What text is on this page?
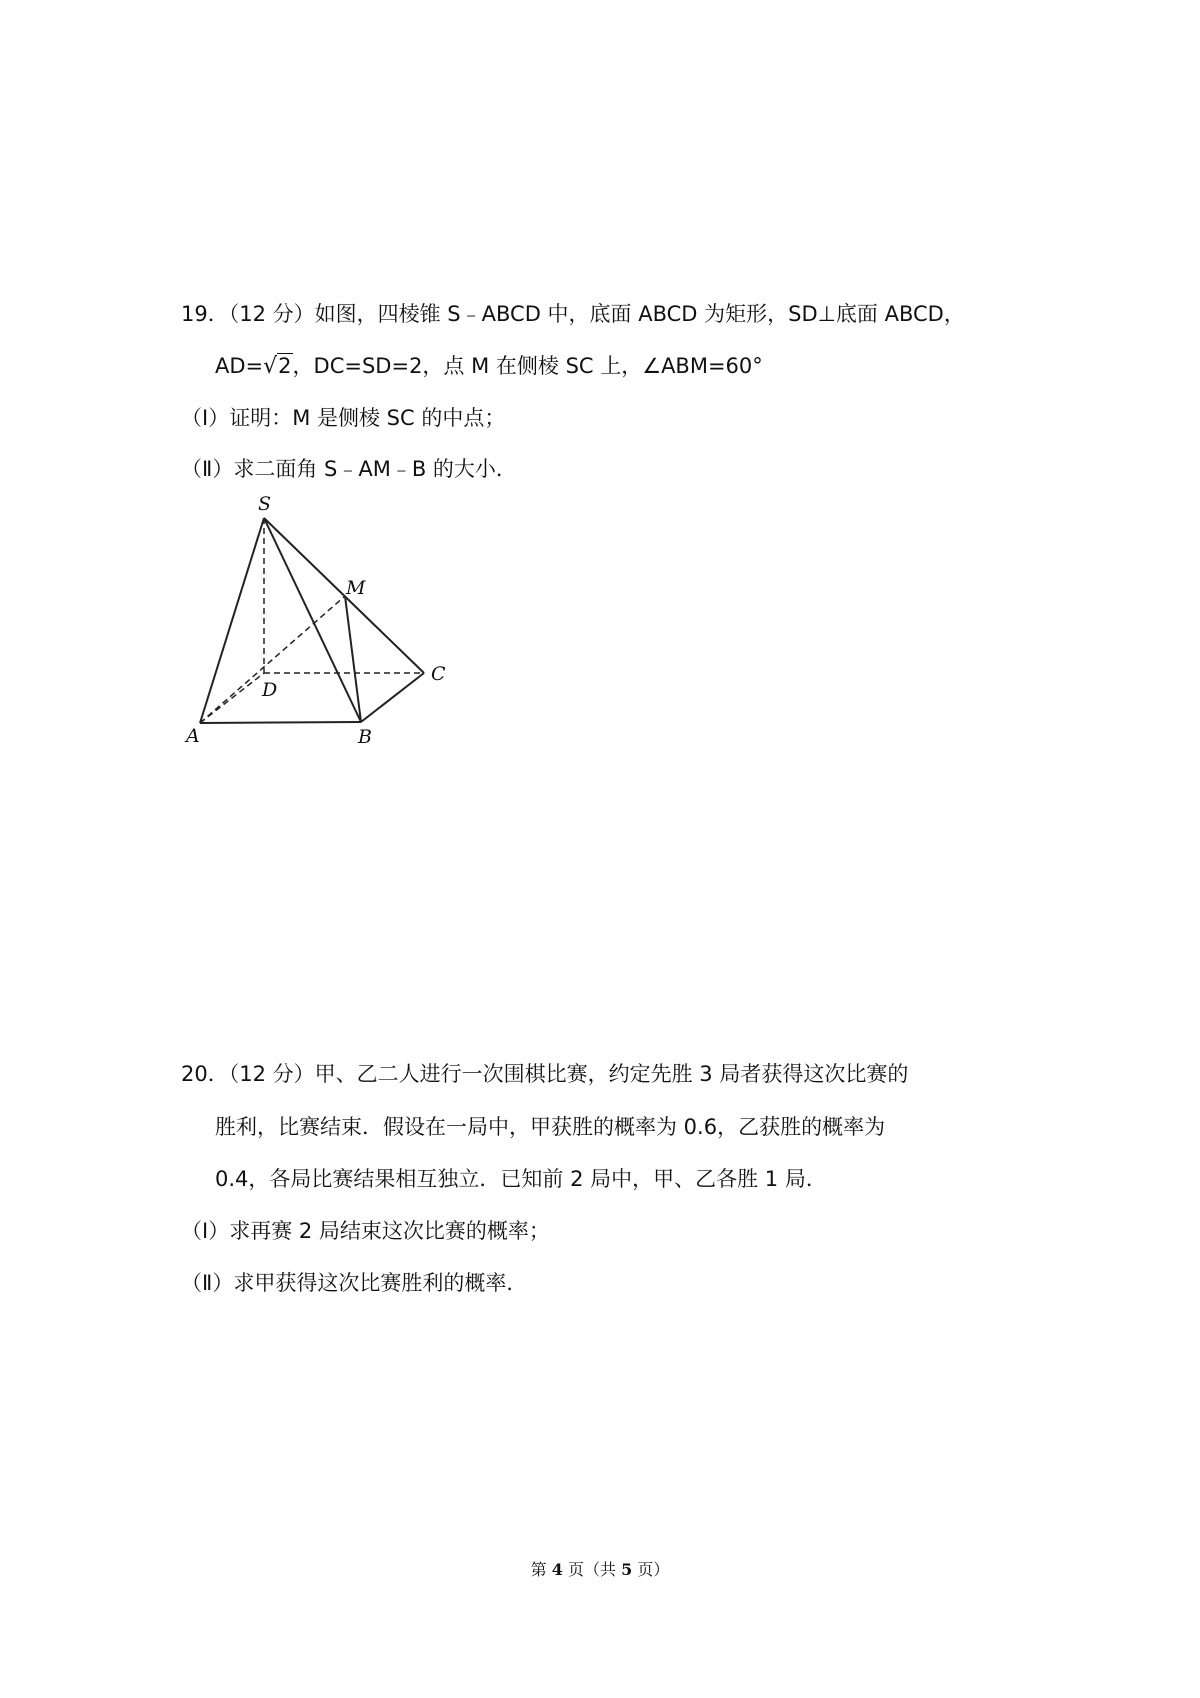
19．（12 分）如图，四棱锥 S﹣ABCD 中，底面 ABCD 为矩形，SD⊥底面 ABCD，
AD=√2，DC=SD=2，点 M 在侧棱 SC 上，∠ABM=60°
（Ⅰ）证明：M 是侧棱 SC 的中点；
（Ⅱ）求二面角 S﹣AM﹣B 的大小．
S
M
C
D
A	B
20．（12 分）甲、乙二人进行一次围棋比赛，约定先胜 3 局者获得这次比赛的
胜利，比赛结束．假设在一局中，甲获胜的概率为 0.6，乙获胜的概率为
0.4，各局比赛结果相互独立．已知前 2 局中，甲、乙各胜 1 局．
（Ⅰ）求再赛 2 局结束这次比赛的概率；
（Ⅱ）求甲获得这次比赛胜利的概率．
第 4 页（共 5 页）
